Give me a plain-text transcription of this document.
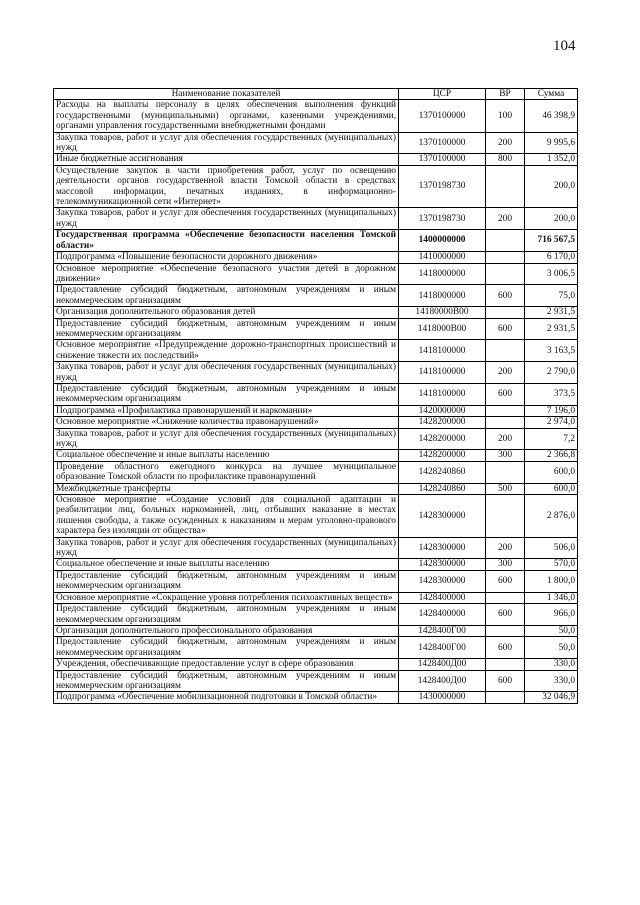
104
Наименование показателей	ЦСР	ВР	Сумма
Расходы на выплаты персоналу в целях обеспечения выполнения функций государственными (муниципальными) органами, казенными учреждениями, органами управления государственными внебюджетными фондами	1370100000	100	46 398,9
Закупка товаров, работ и услуг для обеспечения государственных (муниципальных) нужд	1370100000	200	9 995,6
Иные бюджетные ассигнования	1370100000	800	1 352,0
Осуществление закупок в части приобретения работ, услуг по освещению деятельности органов государственной власти Томской области в средствах массовой информации, печатных изданиях, в информационно-телекоммуникационной сети «Интернет»	1370198730		200,0
Закупка товаров, работ и услуг для обеспечения государственных (муниципальных) нужд	1370198730	200	200,0
Государственная программа «Обеспечение безопасности населения Томской области»	1400000000		716 567,5
Подпрограмма «Повышение безопасности дорожного движения»	1410000000		6 170,0
Основное мероприятие «Обеспечение безопасного участия детей в дорожном движении»	1418000000		3 006,5
Предоставление субсидий бюджетным, автономным учреждениям и иным некоммерческим организациям	1418000000	600	75,0
Организация дополнительного образования детей	14180000В00		2 931,5
Предоставление субсидий бюджетным, автономным учреждениям и иным некоммерческим организациям	1418000В00	600	2 931,5
Основное мероприятие «Предупреждение дорожно-транспортных происшествий и снижение тяжести их последствий»	1418100000		3 163,5
Закупка товаров, работ и услуг для обеспечения государственных (муниципальных) нужд	1418100000	200	2 790,0
Предоставление субсидий бюджетным, автономным учреждениям и иным некоммерческим организациям	1418100000	600	373,5
Подпрограмма «Профилактика правонарушений и наркомании»	1420000000		7 196,0
Основное мероприятие «Снижение количества правонарушений»	1428200000		2 974,0
Закупка товаров, работ и услуг для обеспечения государственных (муниципальных) нужд	1428200000	200	7,2
Социальное обеспечение и иные выплаты населению	1428200000	300	2 366,8
Проведение областного ежегодного конкурса на лучшее муниципальное образование Томской области по профилактике правонарушений	1428240860		600,0
Межбюджетные трансферты	1428240860	500	600,0
Основное мероприятие «Создание условий для социальной адаптации и реабилитации лиц, больных наркоманией, лиц, отбывших наказание в местах лишения свободы, а также осужденных к наказаниям и мерам уголовно-правового характера без изоляции от общества»	1428300000		2 876,0
Закупка товаров, работ и услуг для обеспечения государственных (муниципальных) нужд	1428300000	200	506,0
Социальное обеспечение и иные выплаты населению	1428300000	300	570,0
Предоставление субсидий бюджетным, автономным учреждениям и иным некоммерческим организациям	1428300000	600	1 800,0
Основное мероприятие «Сокращение уровня потребления психоактивных веществ»	1428400000		1 346,0
Предоставление субсидий бюджетным, автономным учреждениям и иным некоммерческим организациям	1428400000	600	966,0
Организация дополнительного профессионального образования	1428400Г00		50,0
Предоставление субсидий бюджетным, автономным учреждениям и иным некоммерческим организациям	1428400Г00	600	50,0
Учреждения, обеспечивающие предоставление услуг в сфере образования	1428400Д00		330,0
Предоставление субсидий бюджетным, автономным учреждениям и иным некоммерческим организациям	1428400Д00	600	330,0
Подпрограмма «Обеспечение мобилизационной подготовки в Томской области»	1430000000		32 046,9
